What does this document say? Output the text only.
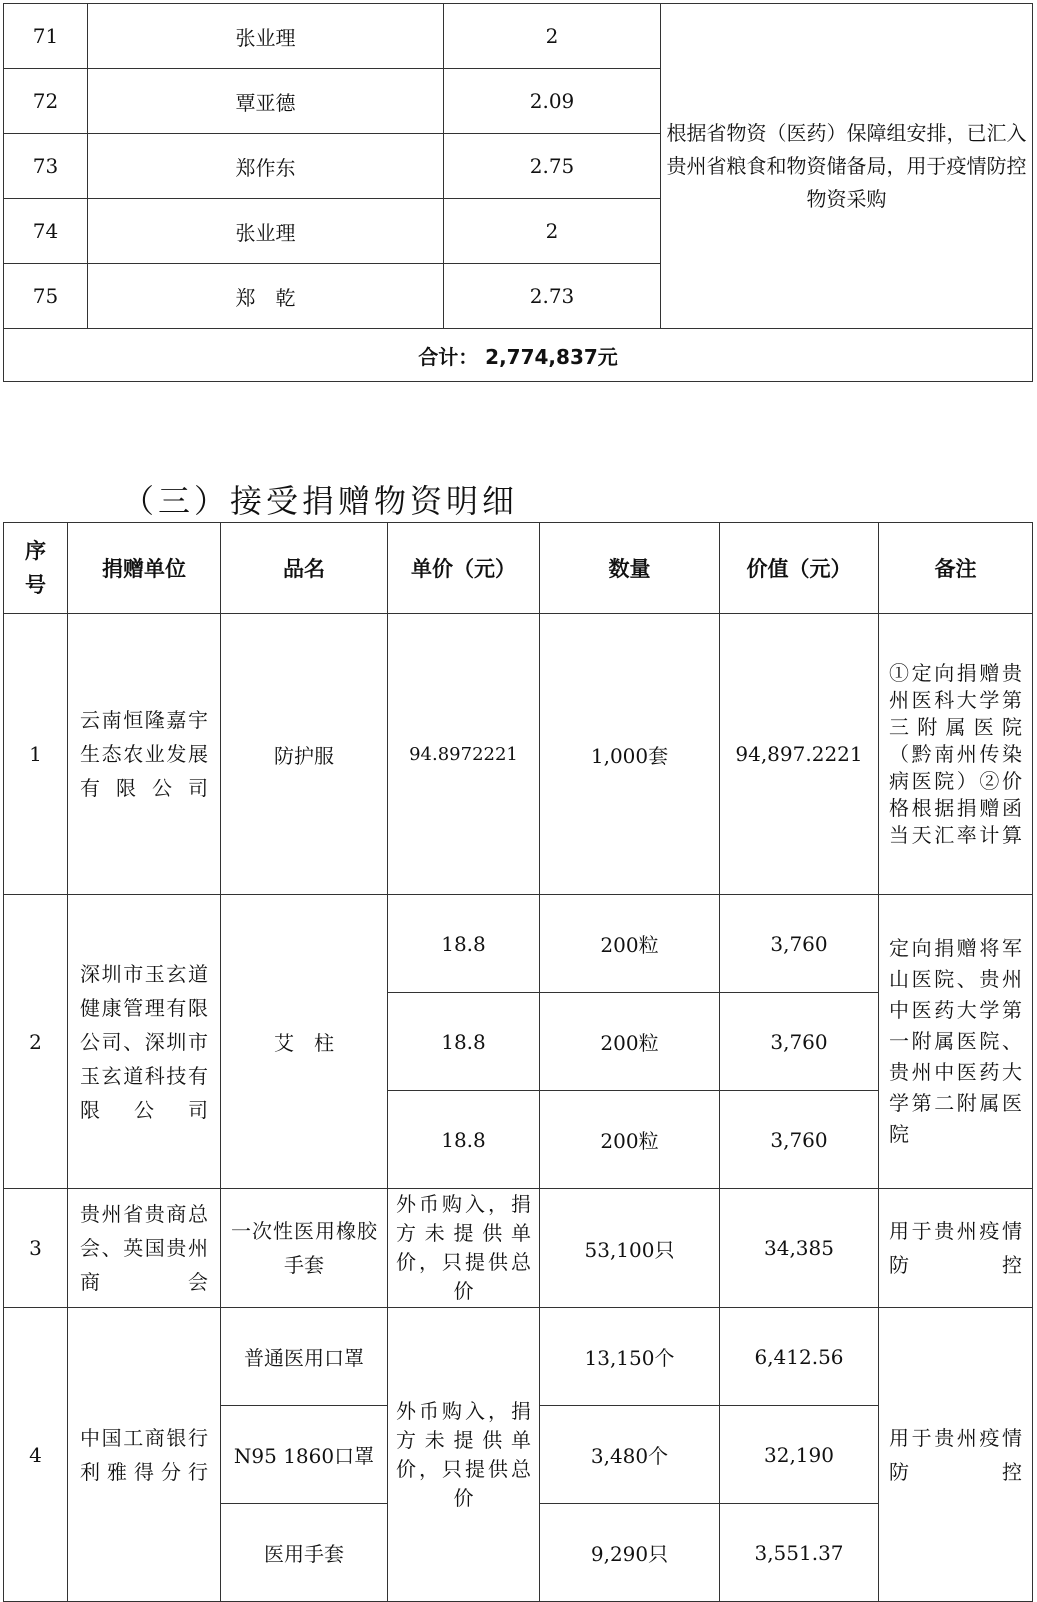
71	张业理	2	根据省物资（医药）保障组安排，已汇入贵州省粮食和物资储备局，用于疫情防控物资采购
72	覃亚德	2.09	
73	郑作东	2.75	
74	张业理	2	
75	郑　乾	2.73	
合计： 2,774,837元			
（三）接受捐赠物资明细
序号	捐赠单位	品名	单价（元）	数量	价值（元）	备注
1	云南恒隆嘉宇生态农业发展有限公司	防护服	94.8972221	1,000套	94,897.2221	①定向捐赠贵州医科大学第三附属医院（黔南州传染病医院）②价格根据捐赠函当天汇率计算
2	深圳市玉玄道健康管理有限公司、深圳市玉玄道科技有限公司	艾　柱	18.8	200粒	3,760	定向捐赠将军山医院、贵州中医药大学第一附属医院、贵州中医药大学第二附属医院
			18.8	200粒	3,760	
			18.8	200粒	3,760	
3	贵州省贵商总会、英国贵州商会	一次性医用橡胶手套	外币购入，捐方未提供单价，只提供总价	53,100只	34,385	用于贵州疫情防控
4	中国工商银行利雅得分行	普通医用口罩	外币购入，捐方未提供单价，只提供总价	13,150个	6,412.56	用于贵州疫情防控
		N95 1860口罩		3,480个	32,190	
		医用手套		9,290只	3,551.37	
